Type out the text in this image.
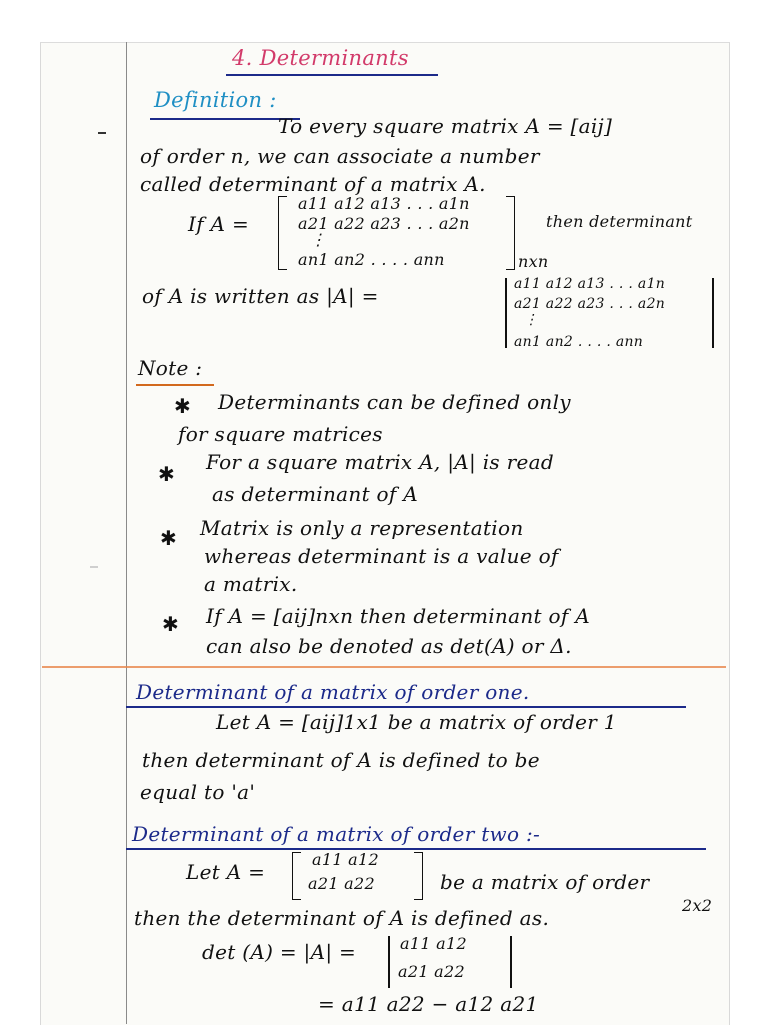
4. Determinants
Definition :
To every square matrix A = [aij]
of order n, we can associate a number
called determinant of a matrix A.
If A =
a11 a12 a13 . . . a1n
a21 a22 a23 . . . a2n
⋮
an1 an2 . . . . ann
then determinant
nxn
of A is written as |A| =	a11 a12 a13 . . . a1n
a21 a22 a23 . . . a2n
⋮
an1 an2 . . . . ann
Note :
✱ Determinants can be defined only
for square matrices
✱ For a square matrix A, |A| is read
as determinant of A
✱ Matrix is only a representation
whereas determinant is a value of
a matrix.
✱ If A = [aij]nxn then determinant of A
can also be denoted as det(A) or Δ.
Determinant of a matrix of order one.
Let A = [aij]1x1 be a matrix of order 1
then determinant of A is defined to be
equal to 'a'
Determinant of a matrix of order two :-
Let A =
a11 a12
a21 a22	be a matrix of order
2x2
then the determinant of A is defined as.
det (A) = |A| =	a11 a12
a21 a22
= a11 a22 − a12 a21
